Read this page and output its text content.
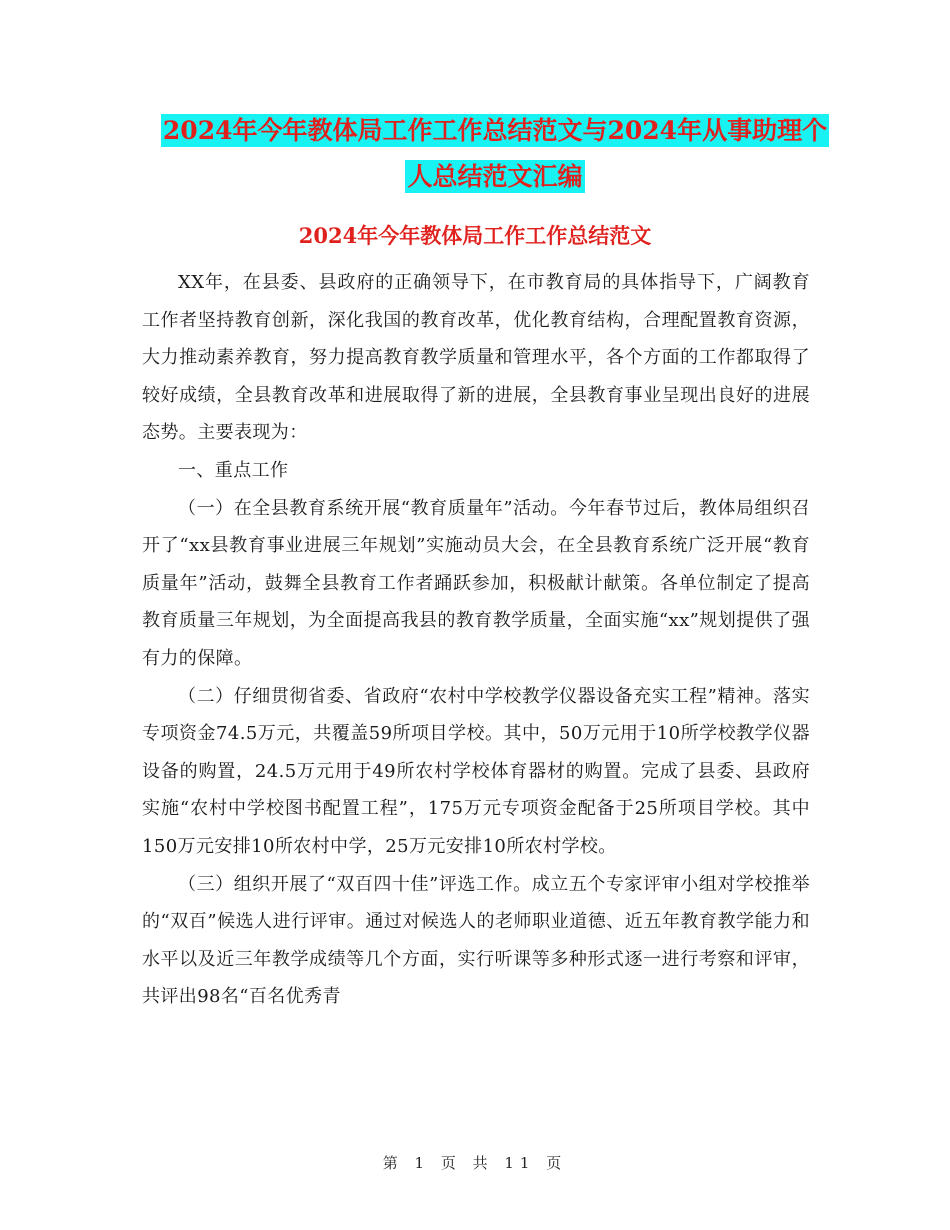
2024年今年教体局工作工作总结范文与2024年从事助理个人总结范文汇编
2024年今年教体局工作工作总结范文

XX年，在县委、县政府的正确领导下，在市教育局的具体指导下，广阔教育工作者坚持教育创新，深化我国的教育改革，优化教育结构，合理配置教育资源，大力推动素养教育，努力提高教育教学质量和管理水平，各个方面的工作都取得了较好成绩，全县教育改革和进展取得了新的进展，全县教育事业呈现出良好的进展态势。主要表现为：

一、重点工作

（一）在全县教育系统开展“教育质量年”活动。今年春节过后，教体局组织召开了“xx县教育事业进展三年规划”实施动员大会，在全县教育系统广泛开展“教育质量年”活动，鼓舞全县教育工作者踊跃参加，积极献计献策。各单位制定了提高教育质量三年规划，为全面提高我县的教育教学质量，全面实施“xx”规划提供了强有力的保障。

（二）仔细贯彻省委、省政府“农村中学校教学仪器设备充实工程”精神。落实专项资金74.5万元，共覆盖59所项目学校。其中，50万元用于10所学校教学仪器设备的购置，24.5万元用于49所农村学校体育器材的购置。完成了县委、县政府实施“农村中学校图书配置工程”，175万元专项资金配备于25所项目学校。其中150万元安排10所农村中学，25万元安排10所农村学校。

（三）组织开展了“双百四十佳”评选工作。成立五个专家评审小组对学校推举的“双百”候选人进行评审。通过对候选人的老师职业道德、近五年教育教学能力和水平以及近三年教学成绩等几个方面，实行听课等多种形式逐一进行考察和评审，共评出98名“百名优秀青

第 1 页 共 11 页
